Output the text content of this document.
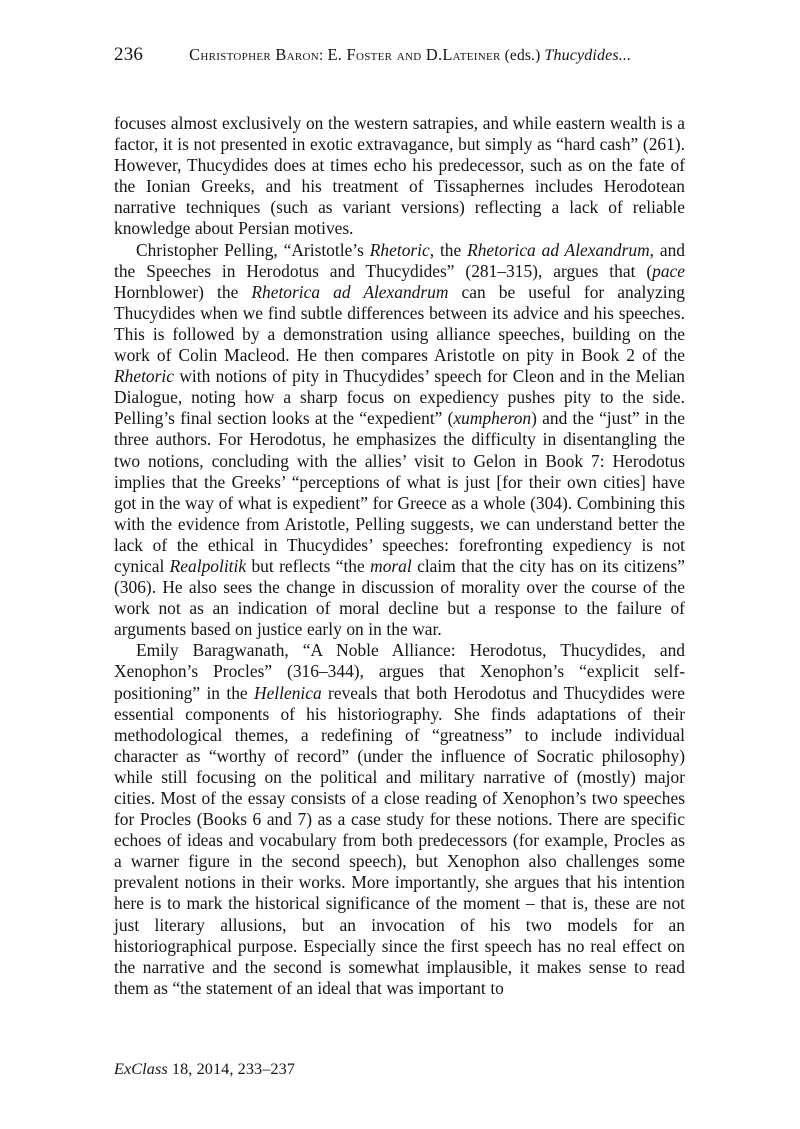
236	Christopher Baron: E. Foster and D.Lateiner (eds.) Thucydides...

focuses almost exclusively on the western satrapies, and while eastern wealth is a factor, it is not presented in exotic extravagance, but simply as “hard cash” (261). However, Thucydides does at times echo his predecessor, such as on the fate of the Ionian Greeks, and his treatment of Tissaphernes includes Herodotean narrative techniques (such as variant versions) reflecting a lack of reliable knowledge about Persian motives.

Christopher Pelling, “Aristotle’s Rhetoric, the Rhetorica ad Alexandrum, and the Speeches in Herodotus and Thucydides” (281–315), argues that (pace Hornblower) the Rhetorica ad Alexandrum can be useful for analyzing Thucydides when we find subtle differences between its advice and his speeches. This is followed by a demonstration using alliance speeches, building on the work of Colin Macleod. He then compares Aristotle on pity in Book 2 of the Rhetoric with notions of pity in Thucydides’ speech for Cleon and in the Melian Dialogue, noting how a sharp focus on expediency pushes pity to the side. Pelling’s final section looks at the “expedient” (xumpheron) and the “just” in the three authors. For Herodotus, he emphasizes the difficulty in disentangling the two notions, concluding with the allies’ visit to Gelon in Book 7: Herodotus implies that the Greeks’ “perceptions of what is just [for their own cities] have got in the way of what is expedient” for Greece as a whole (304). Combining this with the evidence from Aristotle, Pelling suggests, we can understand better the lack of the ethical in Thucydides’ speeches: forefronting expediency is not cynical Realpolitik but reflects “the moral claim that the city has on its citizens” (306). He also sees the change in discussion of morality over the course of the work not as an indication of moral decline but a response to the failure of arguments based on justice early on in the war.

Emily Baragwanath, “A Noble Alliance: Herodotus, Thucydides, and Xenophon’s Procles” (316–344), argues that Xenophon’s “explicit self-positioning” in the Hellenica reveals that both Herodotus and Thucydides were essential components of his historiography. She finds adaptations of their methodological themes, a redefining of “greatness” to include individual character as “worthy of record” (under the influence of Socratic philosophy) while still focusing on the political and military narrative of (mostly) major cities. Most of the essay consists of a close reading of Xenophon’s two speeches for Procles (Books 6 and 7) as a case study for these notions. There are specific echoes of ideas and vocabulary from both predecessors (for example, Procles as a warner figure in the second speech), but Xenophon also challenges some prevalent notions in their works. More importantly, she argues that his intention here is to mark the historical significance of the moment – that is, these are not just literary allusions, but an invocation of his two models for an historiographical purpose. Especially since the first speech has no real effect on the narrative and the second is somewhat implausible, it makes sense to read them as “the statement of an ideal that was important to

ExClass 18, 2014, 233–237
